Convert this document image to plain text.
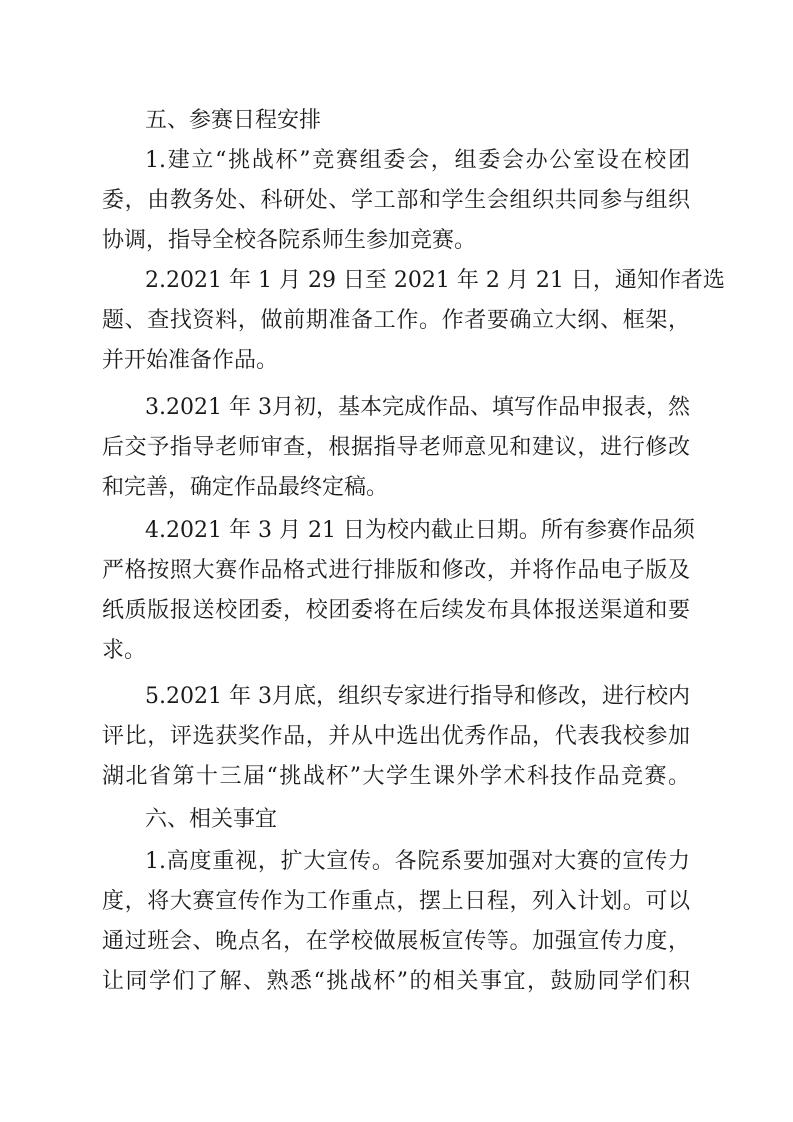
五、参赛日程安排

1.建立“挑战杯”竞赛组委会，组委会办公室设在校团

委，由教务处、科研处、学工部和学生会组织共同参与组织

协调，指导全校各院系师生参加竞赛。

2.2021 年 1 月 29 日至 2021 年 2 月 21 日，通知作者选

题、查找资料，做前期准备工作。作者要确立大纲、框架，

并开始准备作品。

3.2021 年 3月初，基本完成作品、填写作品申报表，然

后交予指导老师审查，根据指导老师意见和建议，进行修改

和完善，确定作品最终定稿。

4.2021 年 3 月 21 日为校内截止日期。所有参赛作品须

严格按照大赛作品格式进行排版和修改，并将作品电子版及

纸质版报送校团委，校团委将在后续发布具体报送渠道和要

求。

5.2021 年 3月底，组织专家进行指导和修改，进行校内

评比，评选获奖作品，并从中选出优秀作品，代表我校参加

湖北省第十三届“挑战杯”大学生课外学术科技作品竞赛。

六、相关事宜

1.高度重视，扩大宣传。各院系要加强对大赛的宣传力

度，将大赛宣传作为工作重点，摆上日程，列入计划。可以

通过班会、晚点名，在学校做展板宣传等。加强宣传力度，

让同学们了解、熟悉“挑战杯”的相关事宜，鼓励同学们积
